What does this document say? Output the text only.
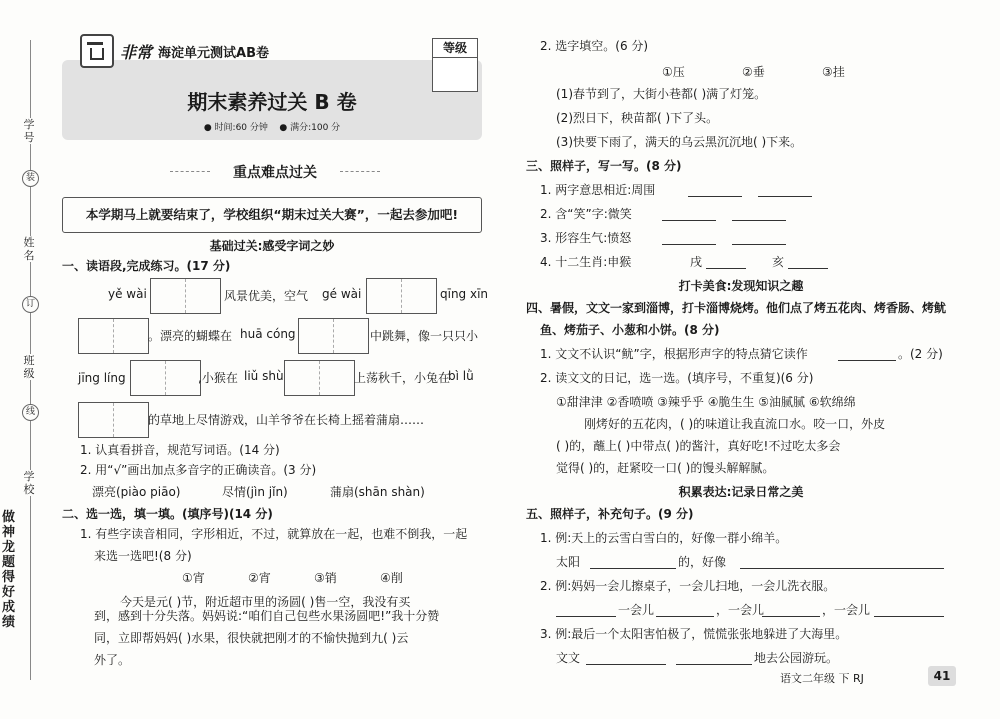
学号
装
姓名
订
班级
线
学校
做神龙题 得好成绩
非常 海淀单元测试AB卷	等级
期末素养过关 B 卷
● 时间:60 分钟 ● 满分:100 分
重点难点过关
本学期马上就要结束了，学校组织“期末过关大赛”，一起去参加吧!
基础过关:感受字词之妙
一、读语段,完成练习。(17 分)
yě wài	风景优美，空气 gé wài	qīng xīn
。漂亮的蝴蝶在 huā cóng	中跳舞，像一只只小
jīng líng	,小猴在 liǔ shù	上荡秋千，小兔在
bì lǜ
的草地上尽情游戏，山羊爷爷在长椅上摇着蒲扇……
1. 认真看拼音，规范写词语。(14 分)
2. 用“√”画出加点多音字的正确读音。(3 分)
漂亮(piào piāo)	尽情(jìn jǐn)	蒲扇(shān shàn)
二、选一选，填一填。(填序号)(14 分)
1. 有些字读音相同，字形相近，不过，就算放在一起，也难不倒我，一起
来选一选吧!(8 分)
①宵	②宵	③销	④削
今天是元( )节，附近超市里的汤圆( )售一空，我没有买
到，感到十分失落。妈妈说:“咱们自己包些水果汤圆吧!”我十分赞
同，立即帮妈妈( )水果，很快就把刚才的不愉快抛到九( )云
外了。
2. 选字填空。(6 分)
①压	②垂	③挂
(1)春节到了，大街小巷都( )满了灯笼。
(2)烈日下，秧苗都( )下了头。
(3)快要下雨了，满天的乌云黑沉沉地( )下来。
三、照样子，写一写。(8 分)
1. 两字意思相近:周围
2. 含“笑”字:微笑
3. 形容生气:愤怒
4. 十二生肖:申猴	戌	亥
打卡美食:发现知识之趣
四、暑假，文文一家到淄博，打卡淄博烧烤。他们点了烤五花肉、烤香肠、烤鱿
鱼、烤茄子、小葱和小饼。(8 分)
1. 文文不认识“鱿”字，根据形声字的特点猜它读作	。(2 分)
2. 读文文的日记，选一选。(填序号，不重复)(6 分)
①甜津津 ②香喷喷 ③辣乎乎 ④脆生生 ⑤油腻腻 ⑥软绵绵
刚烤好的五花肉，( )的味道让我直流口水。咬一口，外皮
( )的，蘸上( )中带点( )的酱汁，真好吃!不过吃太多会
觉得( )的，赶紧咬一口( )的馒头解解腻。
积累表达:记录日常之美
五、照样子，补充句子。(9 分)
1. 例:天上的云雪白雪白的，好像一群小绵羊。
太阳	的，好像
2. 例:妈妈一会儿擦桌子，一会儿扫地，一会儿洗衣服。
一会儿	，一会儿	，一会儿
3. 例:最后一个太阳害怕极了，慌慌张张地躲进了大海里。
文文	地去公园游玩。
语文二年级 下 RJ	41
